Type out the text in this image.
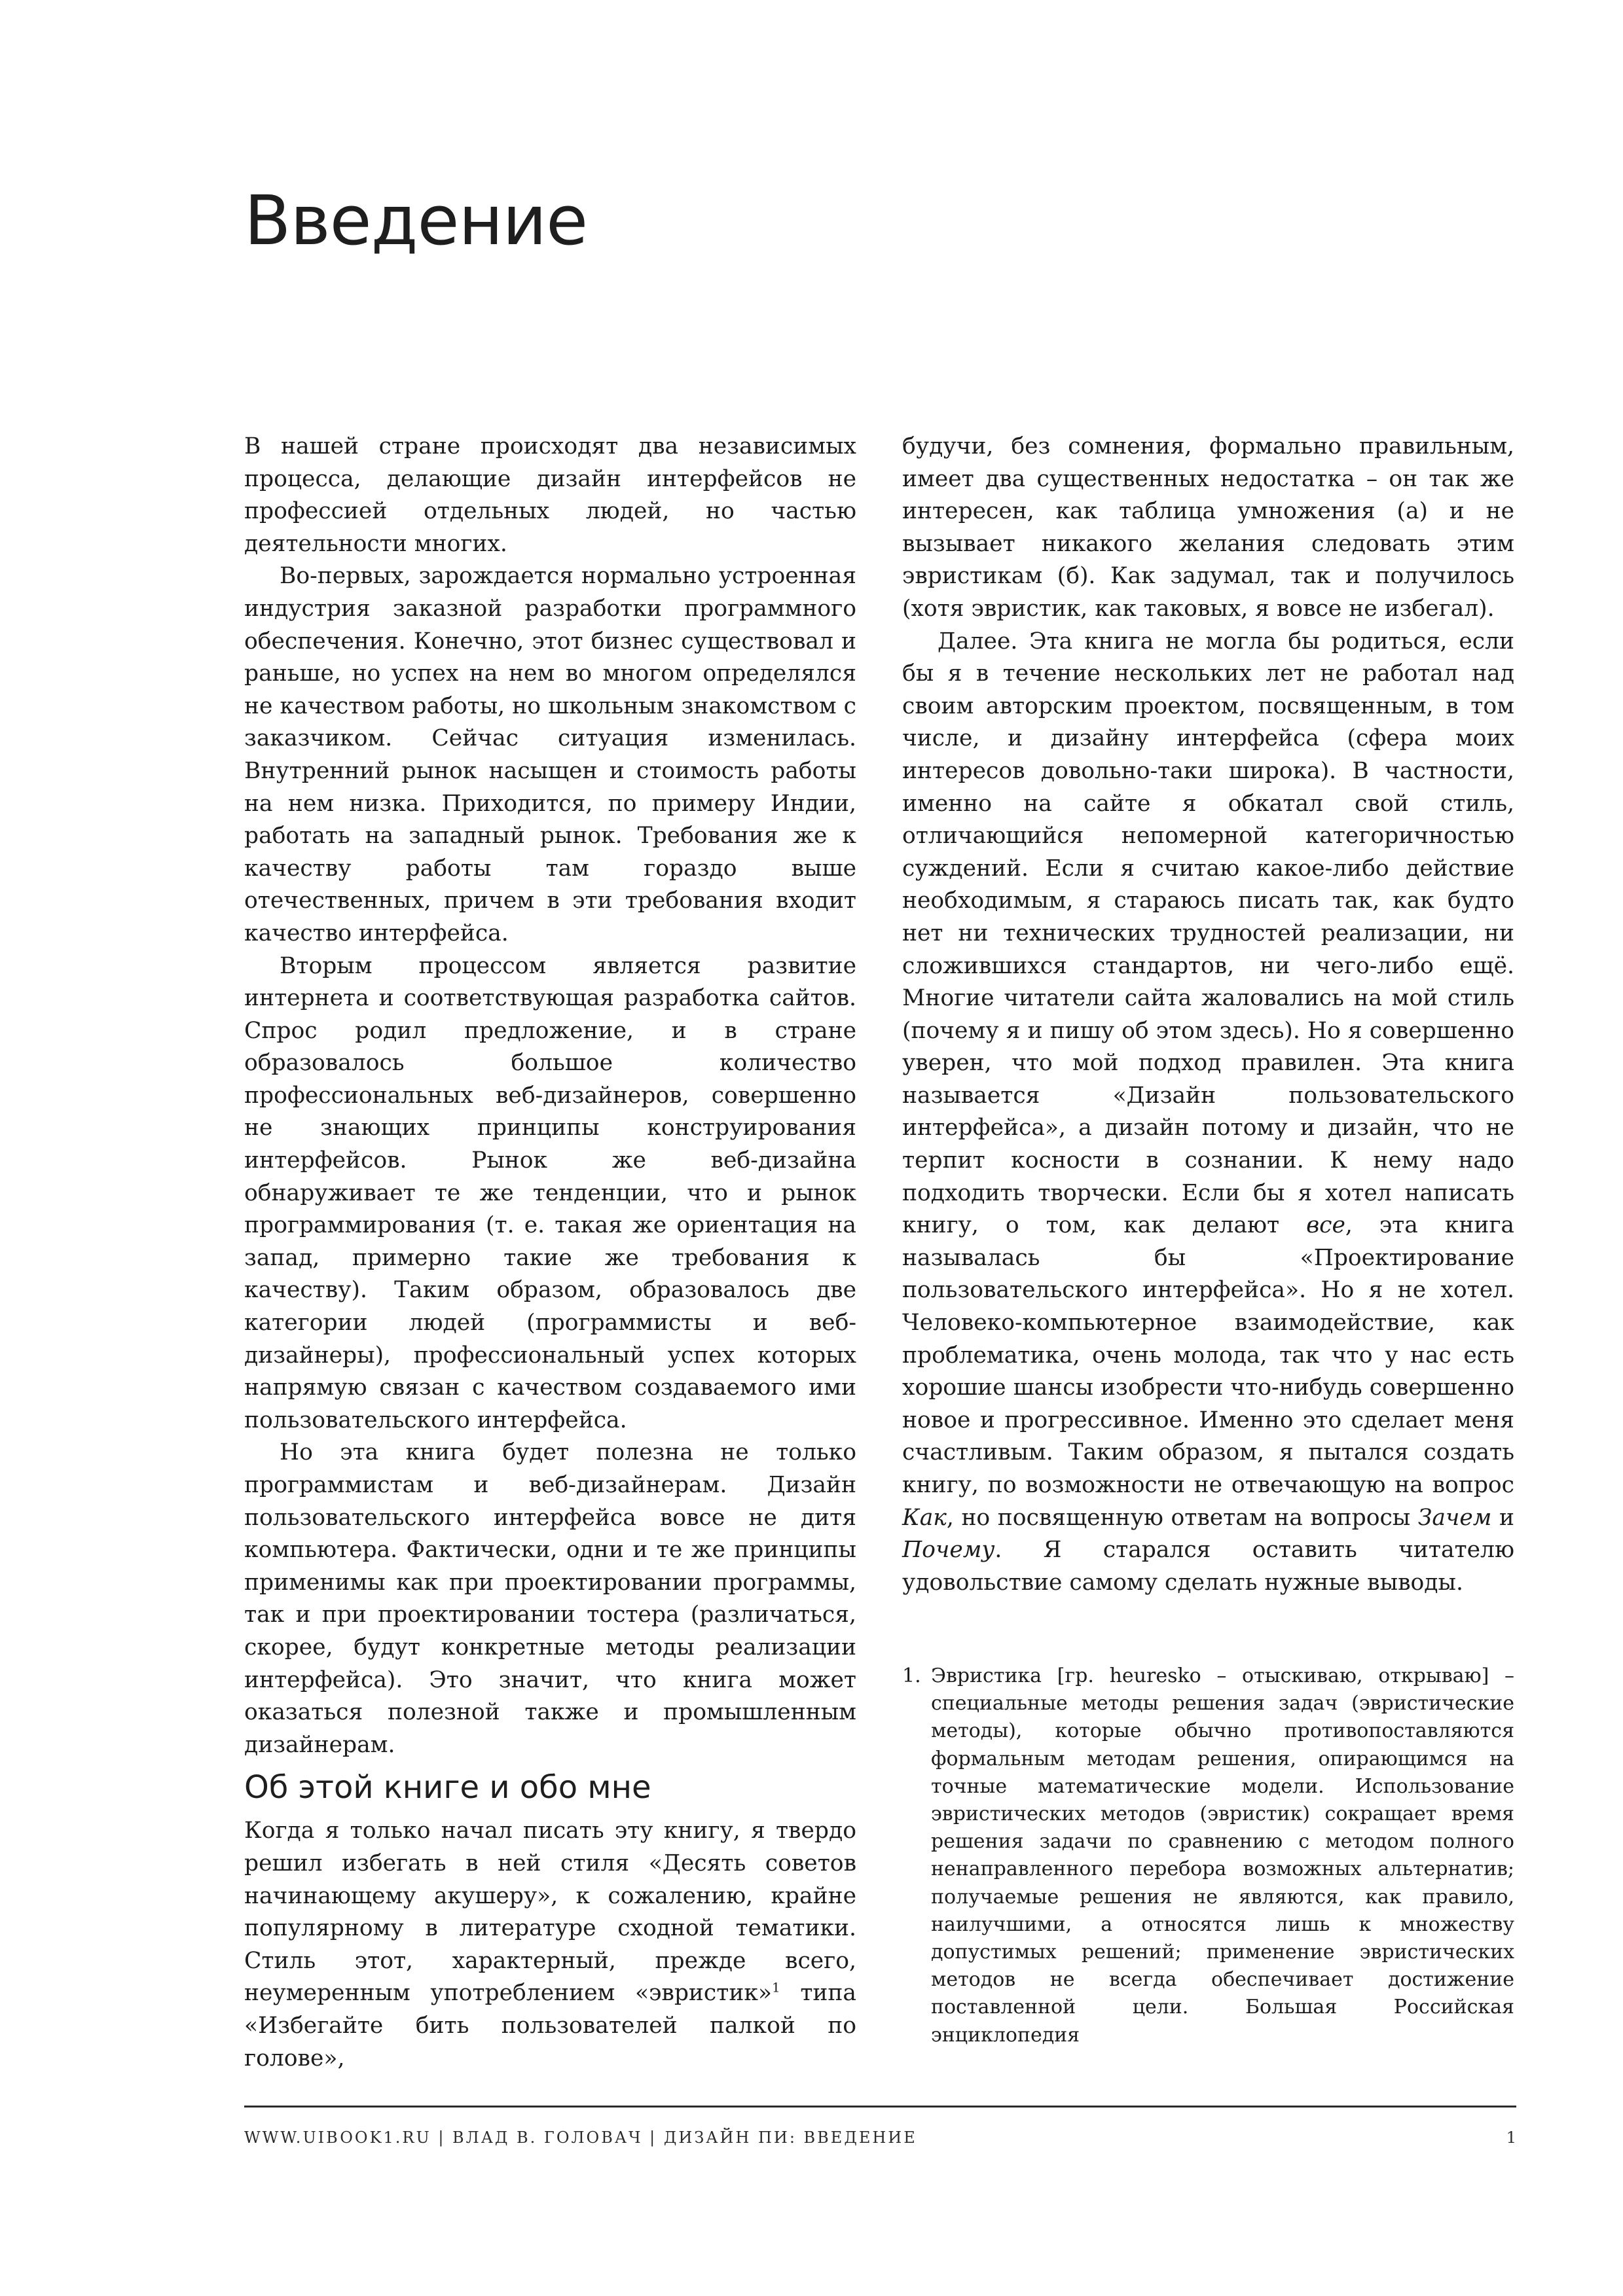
Введение

В нашей стране происходят два независимых процесса, делающие дизайн интерфейсов не профессией отдельных людей, но частью деятельности многих.

Во-первых, зарождается нормально устроенная индустрия заказной разработки программного обеспечения. Конечно, этот бизнес существовал и раньше, но успех на нем во многом определялся не качеством работы, но школьным знакомством с заказчиком. Сейчас ситуация изменилась. Внутренний рынок насыщен и стоимость работы на нем низка. Приходится, по примеру Индии, работать на западный рынок. Требования же к качеству работы там гораздо выше отечественных, причем в эти требования входит качество интерфейса.

Вторым процессом является развитие интернета и соответствующая разработка сайтов. Спрос родил предложение, и в стране образовалось большое количество профессиональных веб-дизайнеров, совершенно не знающих принципы конструирования интерфейсов. Рынок же веб-дизайна обнаруживает те же тенденции, что и рынок программирования (т. е. такая же ориентация на запад, примерно такие же требования к качеству). Таким образом, образовалось две категории людей (программисты и веб-дизайнеры), профессиональный успех которых напрямую связан с качеством создаваемого ими пользовательского интерфейса.

Но эта книга будет полезна не только программистам и веб-дизайнерам. Дизайн пользовательского интерфейса вовсе не дитя компьютера. Фактически, одни и те же принципы применимы как при проектировании программы, так и при проектировании тостера (различаться, скорее, будут конкретные методы реализации интерфейса). Это значит, что книга может оказаться полезной также и промышленным дизайнерам.

Об этой книге и обо мне

Когда я только начал писать эту книгу, я твердо решил избегать в ней стиля «Десять советов начинающему акушеру», к сожалению, крайне популярному в литературе сходной тематики. Стиль этот, характерный, прежде всего, неумеренным употреблением «эвристик»$^1$ типа «Избегайте бить пользователей палкой по голове»,

будучи, без сомнения, формально правильным, имеет два существенных недостатка – он так же интересен, как таблица умножения (а) и не вызывает никакого желания следовать этим эвристикам (б). Как задумал, так и получилось (хотя эвристик, как таковых, я вовсе не избегал).

Далее. Эта книга не могла бы родиться, если бы я в течение нескольких лет не работал над своим авторским проектом, посвященным, в том числе, и дизайну интерфейса (сфера моих интересов довольно-таки широка). В частности, именно на сайте я обкатал свой стиль, отличающийся непомерной категоричностью суждений. Если я считаю какое-либо действие необходимым, я стараюсь писать так, как будто нет ни технических трудностей реализации, ни сложившихся стандартов, ни чего-либо ещё. Многие читатели сайта жаловались на мой стиль (почему я и пишу об этом здесь). Но я совершенно уверен, что мой подход правилен. Эта книга называется «Дизайн пользовательского интерфейса», а дизайн потому и дизайн, что не терпит косности в сознании. К нему надо подходить творчески. Если бы я хотел написать книгу, о том, как делают все, эта книга называлась бы «Проектирование пользовательского интерфейса». Но я не хотел. Человеко-компьютерное взаимодействие, как проблематика, очень молода, так что у нас есть хорошие шансы изобрести что-нибудь совершенно новое и прогрессивное. Именно это сделает меня счастливым. Таким образом, я пытался создать книгу, по возможности не отвечающую на вопрос Как, но посвященную ответам на вопросы Зачем и Почему. Я старался оставить читателю удовольствие самому сделать нужные выводы.

1. Эвристика [гр. heuresko – отыскиваю, открываю] – специальные методы решения задач (эвристические методы), которые обычно противопоставляются формальным методам решения, опирающимся на точные математические модели. Использование эвристических методов (эвристик) сокращает время решения задачи по сравнению с методом полного ненаправленного перебора возможных альтернатив; получаемые решения не являются, как правило, наилучшими, а относятся лишь к множеству допустимых решений; применение эвристических методов не всегда обеспечивает достижение поставленной цели. Большая Российская энциклопедия
WWW.UIBOOK1.RU | ВЛАД В. ГОЛОВАЧ | ДИЗАЙН ПИ: ВВЕДЕНИЕ	1
